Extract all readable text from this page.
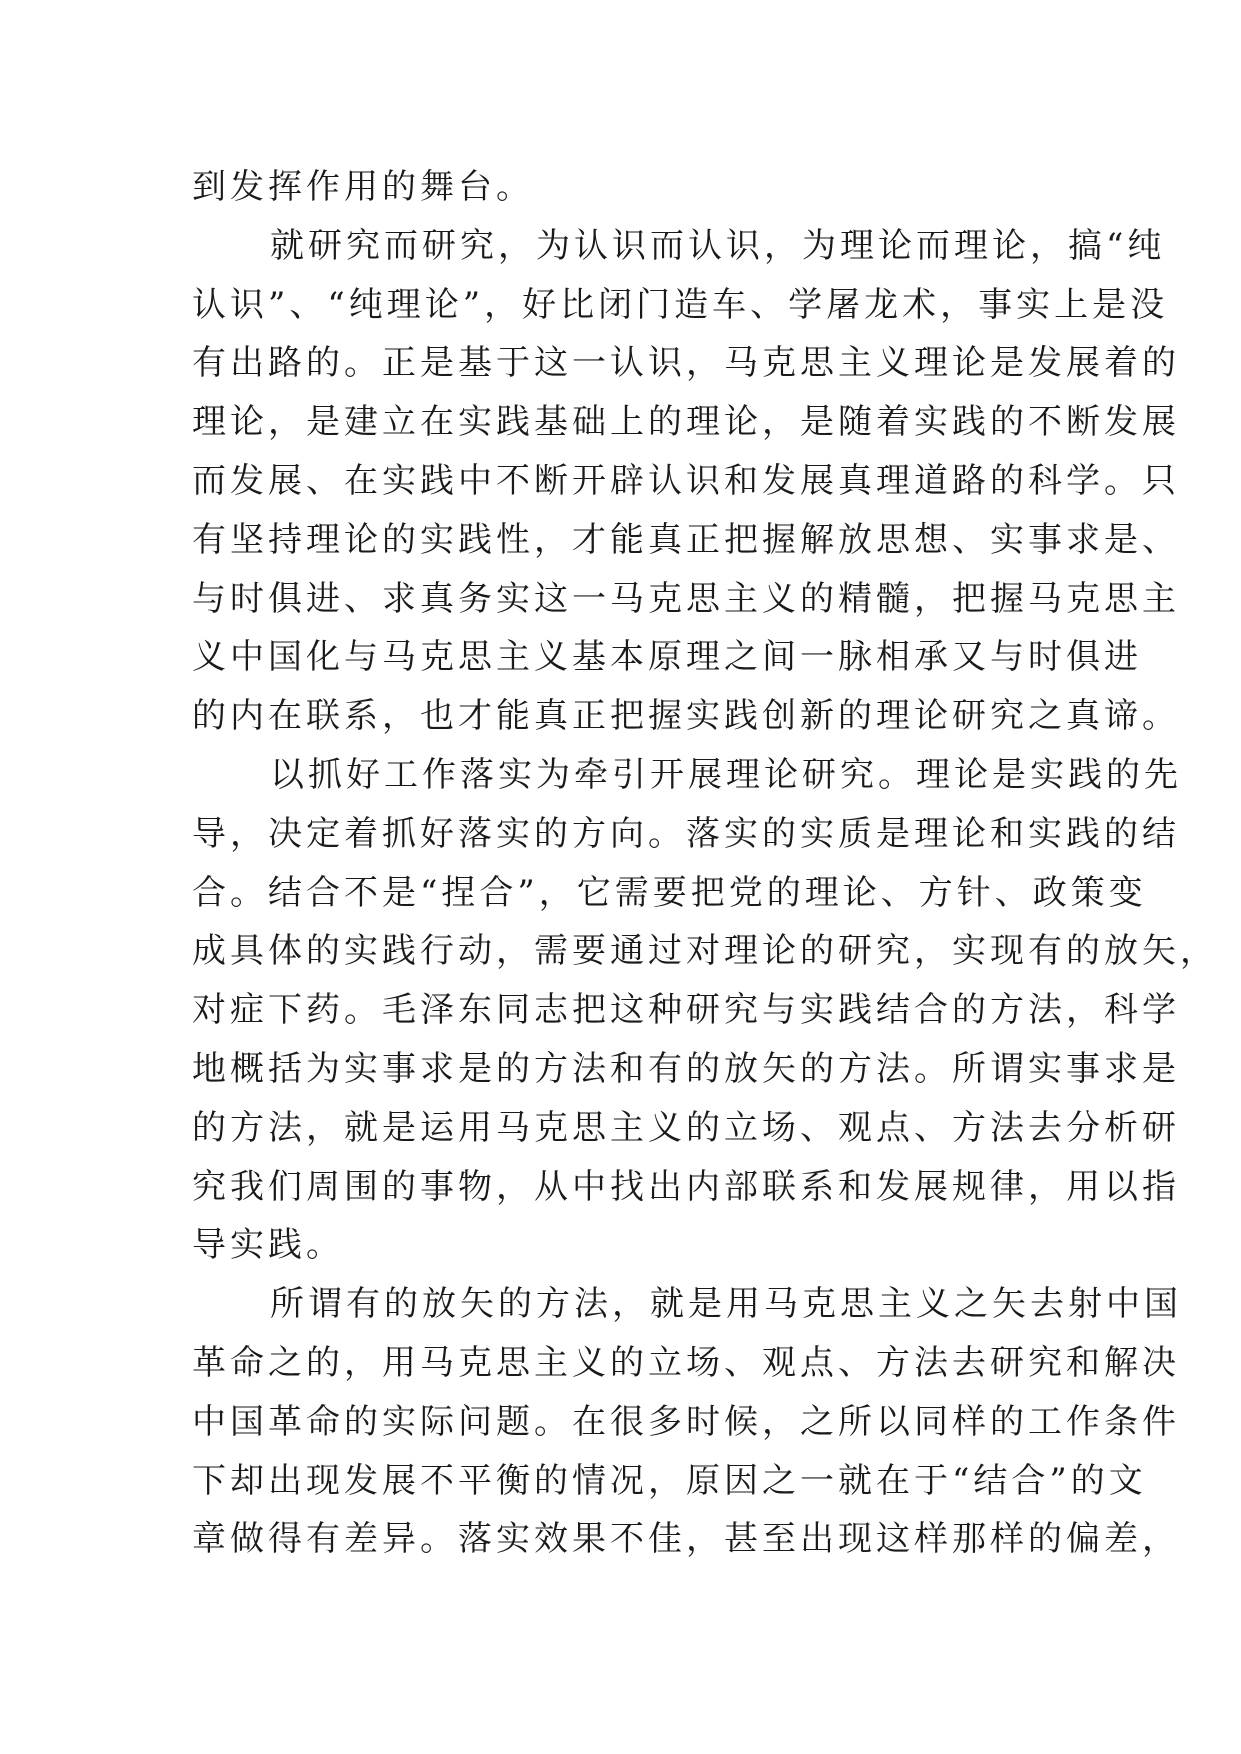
到发挥作用的舞台。
就研究而研究，为认识而认识，为理论而理论，搞“纯
认识”、“纯理论”，好比闭门造车、学屠龙术，事实上是没
有出路的。正是基于这一认识，马克思主义理论是发展着的
理论，是建立在实践基础上的理论，是随着实践的不断发展
而发展、在实践中不断开辟认识和发展真理道路的科学。只
有坚持理论的实践性，才能真正把握解放思想、实事求是、
与时俱进、求真务实这一马克思主义的精髓，把握马克思主
义中国化与马克思主义基本原理之间一脉相承又与时俱进
的内在联系，也才能真正把握实践创新的理论研究之真谛。
以抓好工作落实为牵引开展理论研究。理论是实践的先
导，决定着抓好落实的方向。落实的实质是理论和实践的结
合。结合不是“捏合”，它需要把党的理论、方针、政策变
成具体的实践行动，需要通过对理论的研究，实现有的放矢，
对症下药。毛泽东同志把这种研究与实践结合的方法，科学
地概括为实事求是的方法和有的放矢的方法。所谓实事求是
的方法，就是运用马克思主义的立场、观点、方法去分析研
究我们周围的事物，从中找出内部联系和发展规律，用以指
导实践。
所谓有的放矢的方法，就是用马克思主义之矢去射中国
革命之的，用马克思主义的立场、观点、方法去研究和解决
中国革命的实际问题。在很多时候，之所以同样的工作条件
下却出现发展不平衡的情况，原因之一就在于“结合”的文
章做得有差异。落实效果不佳，甚至出现这样那样的偏差，
